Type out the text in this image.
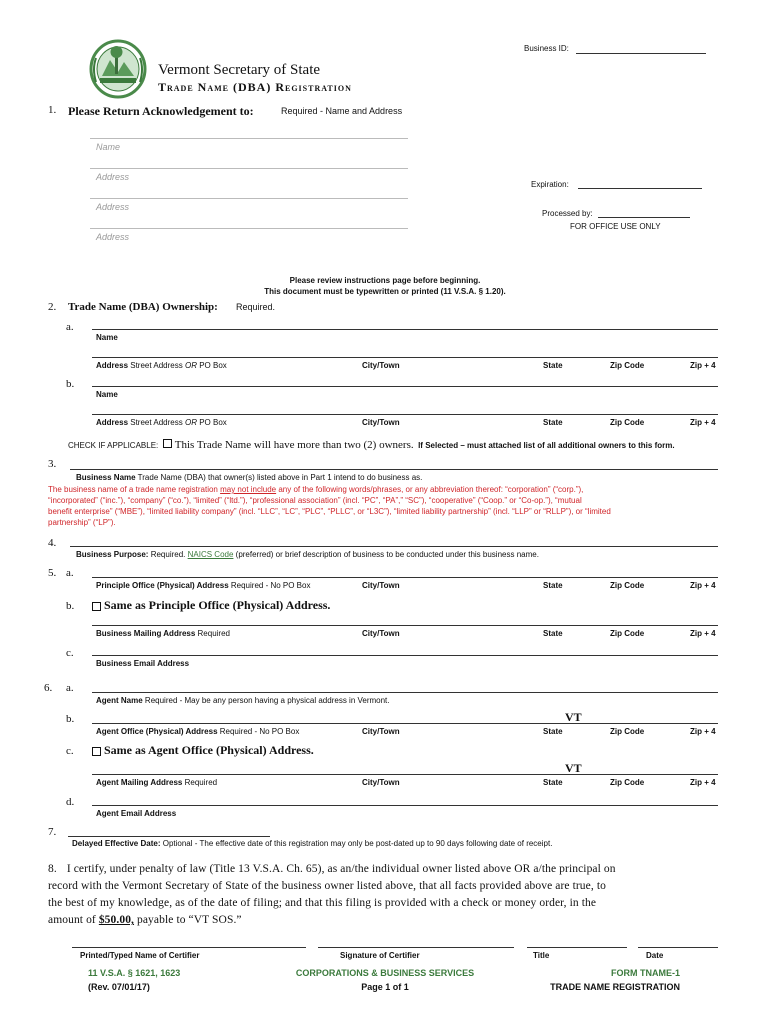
Business ID:
Vermont Secretary of State
Trade Name (DBA) Registration
1. Please Return Acknowledgement to:	Required - Name and Address
Name
Address
Address
Address
Expiration:
Processed by:
FOR OFFICE USE ONLY
Please review instructions page before beginning.
This document must be typewritten or printed (11 V.S.A. § 1.20).
2. Trade Name (DBA) Ownership: Required.
a.
Name
Address Street Address OR PO Box	City/Town	State	Zip Code	Zip + 4
b.
Name
Address Street Address OR PO Box	City/Town	State	Zip Code	Zip + 4
CHECK IF APPLICABLE: This Trade Name will have more than two (2) owners. If Selected – must attached list of all additional owners to this form.
3.
Business Name Trade Name (DBA) that owner(s) listed above in Part 1 intend to do business as.
The business name of a trade name registration may not include any of the following words/phrases, or any abbreviation thereof: “corporation” (“corp.”),
“incorporated” (“inc.”), “company” (“co.”), “limited” (“ltd.”), “professional association” (incl. “PC”, “PA”,” “SC”), “cooperative” (“Coop.” or “Co-op.”), “mutual
benefit enterprise” (“MBE”), “limited liability company” (incl. “LLC”, “LC”, “PLC”, “PLLC”, or “L3C”), “limited liability partnership” (incl. “LLP” or “RLLP”), or “limited
partnership” (“LP”).
4.
Business Purpose: Required. NAICS Code (preferred) or brief description of business to be conducted under this business name.
5. a.
Principle Office (Physical) Address Required - No PO Box	City/Town	State	Zip Code	Zip + 4
b.	Same as Principle Office (Physical) Address.
Business Mailing Address Required	City/Town	State	Zip Code	Zip + 4
c.
Business Email Address
6. a.
Agent Name Required - May be any person having a physical address in Vermont.
b.	VT
Agent Office (Physical) Address Required - No PO Box	City/Town	State	Zip Code	Zip + 4
c.	Same as Agent Office (Physical) Address.
VT
Agent Mailing Address Required	City/Town	State	Zip Code	Zip + 4
d.
Agent Email Address
7.
Delayed Effective Date: Optional - The effective date of this registration may only be post-dated up to 90 days following date of receipt.
8. I certify, under penalty of law (Title 13 V.S.A. Ch. 65), as an/the individual owner listed above OR a/the principal on
record with the Vermont Secretary of State of the business owner listed above, that all facts provided above are true, to
the best of my knowledge, as of the date of filing; and that this filing is provided with a check or money order, in the
amount of $50.00, payable to “VT SOS.”
Printed/Typed Name of Certifier	Signature of Certifier	Title	Date
11 V.S.A. § 1621, 1623
(Rev. 07/01/17)
CORPORATIONS & BUSINESS SERVICES
Page 1 of 1
FORM TNAME-1
TRADE NAME REGISTRATION
